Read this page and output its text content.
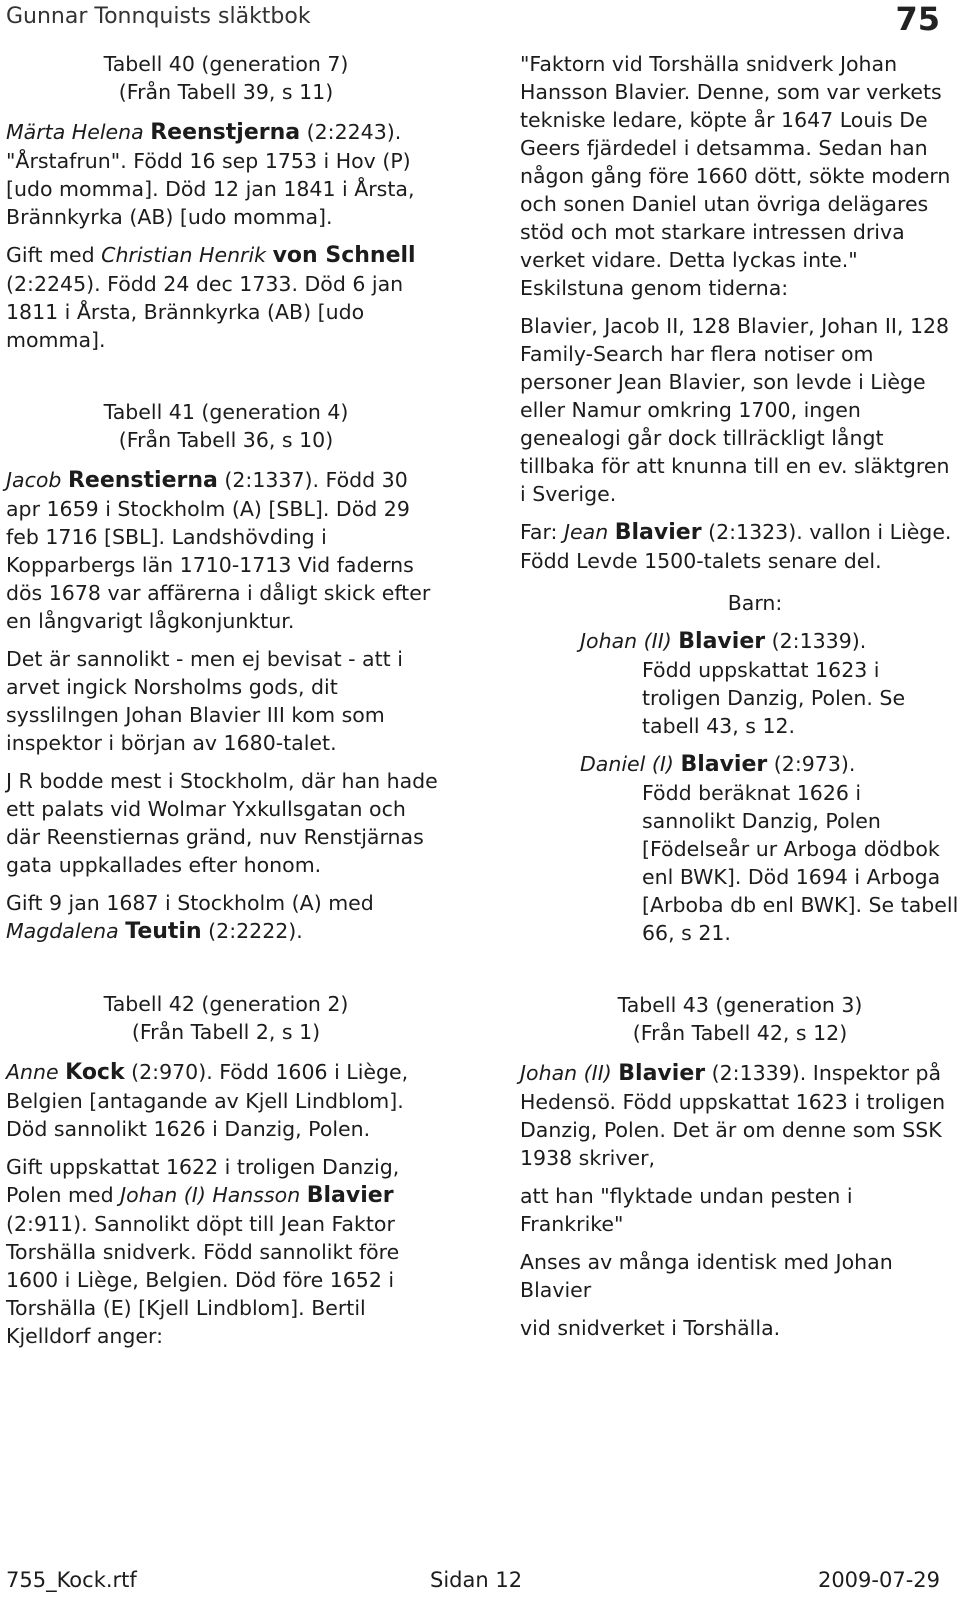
Gunnar Tonnquists släktbok	75
Tabell 40 (generation 7)
(Från Tabell 39, s 11)

Märta Helena Reenstjerna (2:2243). "Årstafrun". Född 16 sep 1753 i Hov (P) [udo momma]. Död 12 jan 1841 i Årsta, Brännkyrka (AB) [udo momma].

Gift med Christian Henrik von Schnell (2:2245). Född 24 dec 1733. Död 6 jan 1811 i Årsta, Brännkyrka (AB) [udo momma].

Tabell 41 (generation 4)
(Från Tabell 36, s 10)

Jacob Reenstierna (2:1337). Född 30 apr 1659 i Stockholm (A) [SBL]. Död 29 feb 1716 [SBL]. Landshövding i Kopparbergs län 1710-1713 Vid faderns dös 1678 var affärerna i dåligt skick efter en långvarigt lågkonjunktur.

Det är sannolikt - men ej bevisat - att i arvet ingick Norsholms gods, dit sysslilngen Johan Blavier III kom som inspektor i början av 1680-talet.

J R bodde mest i Stockholm, där han hade ett palats vid Wolmar Yxkullsgatan och där Reenstiernas gränd, nuv Renstjärnas gata uppkallades efter honom.

Gift 9 jan 1687 i Stockholm (A) med Magdalena Teutin (2:2222).

Tabell 42 (generation 2)
(Från Tabell 2, s 1)

Anne Kock (2:970). Född 1606 i Liège, Belgien [antagande av Kjell Lindblom]. Död sannolikt 1626 i Danzig, Polen.

Gift uppskattat 1622 i troligen Danzig, Polen med Johan (I) Hansson Blavier (2:911). Sannolikt döpt till Jean Faktor Torshälla snidverk. Född sannolikt före 1600 i Liège, Belgien. Död före 1652 i Torshälla (E) [Kjell Lindblom]. Bertil Kjelldorf anger:

"Faktorn vid Torshälla snidverk Johan Hansson Blavier. Denne, som var verkets tekniske ledare, köpte år 1647 Louis De Geers fjärdedel i detsamma. Sedan han någon gång före 1660 dött, sökte modern och sonen Daniel utan övriga delägares stöd och mot starkare intressen driva verket vidare. Detta lyckas inte." Eskilstuna genom tiderna:

Blavier, Jacob II, 128 Blavier, Johan II, 128 Family-Search har flera notiser om personer Jean Blavier, son levde i Liège eller Namur omkring 1700, ingen genealogi går dock tillräckligt långt tillbaka för att knunna till en ev. släktgren i Sverige.

Far: Jean Blavier (2:1323). vallon i Liège. Född Levde 1500-talets senare del.

Barn:
Johan (II) Blavier (2:1339).
Född uppskattat 1623 i troligen Danzig, Polen. Se tabell 43, s 12.
Daniel (I) Blavier (2:973).
Född beräknat 1626 i sannolikt Danzig, Polen [Födelseår ur Arboga dödbok enl BWK]. Död 1694 i Arboga [Arboba db enl BWK]. Se tabell 66, s 21.
Tabell 43 (generation 3)
(Från Tabell 42, s 12)

Johan (II) Blavier (2:1339). Inspektor på Hedensö. Född uppskattat 1623 i troligen Danzig, Polen. Det är om denne som SSK 1938 skriver,

att han "flyktade undan pesten i Frankrike"

Anses av många identisk med Johan Blavier

vid snidverket i Torshälla.

755_Kock.rtf	Sidan 12	2009-07-29
